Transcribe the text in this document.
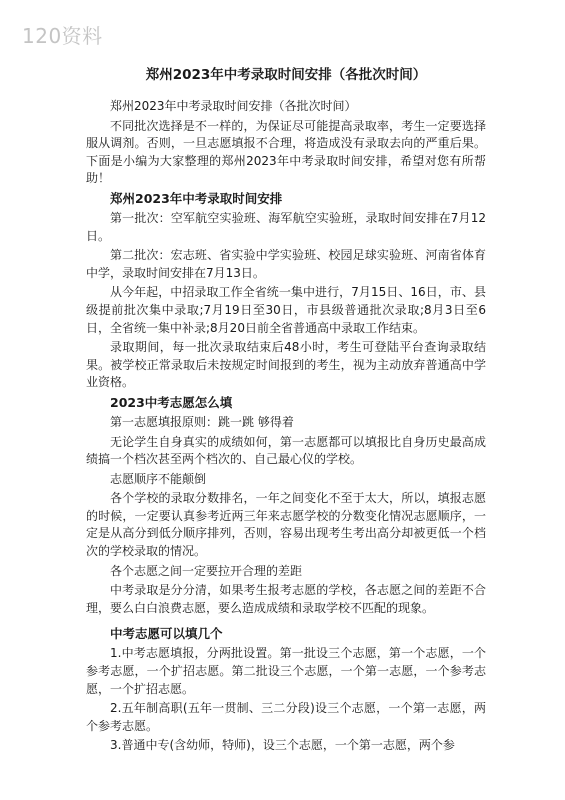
120资料
郑州2023年中考录取时间安排（各批次时间）
郑州2023年中考录取时间安排（各批次时间）
不同批次选择是不一样的，为保证尽可能提高录取率，考生一定要选择服从调剂。否则，一旦志愿填报不合理，将造成没有录取去向的严重后果。下面是小编为大家整理的郑州2023年中考录取时间安排，希望对您有所帮助！
郑州2023年中考录取时间安排
第一批次：空军航空实验班、海军航空实验班，录取时间安排在7月12日。
第二批次：宏志班、省实验中学实验班、校园足球实验班、河南省体育中学，录取时间安排在7月13日。
从今年起，中招录取工作全省统一集中进行，7月15日、16日，市、县级提前批次集中录取;7月19日至30日，市县级普通批次录取;8月3日至6日，全省统一集中补录;8月20日前全省普通高中录取工作结束。
录取期间，每一批次录取结束后48小时，考生可登陆平台查询录取结果。被学校正常录取后未按规定时间报到的考生，视为主动放弃普通高中学业资格。
2023中考志愿怎么填
第一志愿填报原则：跳一跳 够得着
无论学生自身真实的成绩如何，第一志愿都可以填报比自身历史最高成绩搞一个档次甚至两个档次的、自己最心仪的学校。
志愿顺序不能颠倒
各个学校的录取分数排名，一年之间变化不至于太大，所以，填报志愿的时候，一定要认真参考近两三年来志愿学校的分数变化情况志愿顺序，一定是从高分到低分顺序排列，否则，容易出现考生考出高分却被更低一个档次的学校录取的情况。
各个志愿之间一定要拉开合理的差距
中考录取是分分清，如果考生报考志愿的学校，各志愿之间的差距不合理，要么白白浪费志愿，要么造成成绩和录取学校不匹配的现象。
中考志愿可以填几个
1.中考志愿填报，分两批设置。第一批设三个志愿，第一个志愿，一个参考志愿，一个扩招志愿。第二批设三个志愿，一个第一志愿，一个参考志愿，一个扩招志愿。
2.五年制高职(五年一贯制、三二分段)设三个志愿，一个第一志愿，两个参考志愿。
3.普通中专(含幼师，特师)，设三个志愿，一个第一志愿，两个参
